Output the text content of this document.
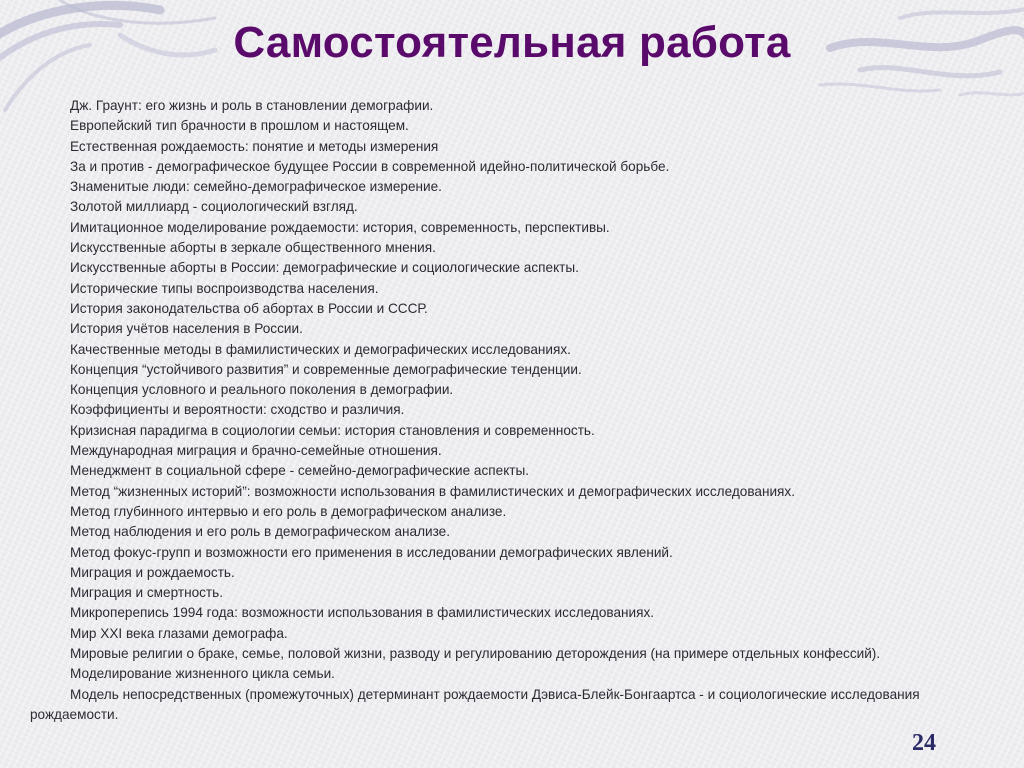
Самостоятельная работа
Дж. Граунт: его жизнь и роль в становлении демографии.
Европейский тип брачности в прошлом и настоящем.
Естественная рождаемость: понятие и методы измерения
За и против - демографическое будущее России в современной идейно-политической борьбе.
Знаменитые люди: семейно-демографическое измерение.
Золотой миллиард - социологический взгляд.
Имитационное моделирование рождаемости: история, современность, перспективы.
Искусственные аборты в зеркале общественного мнения.
Искусственные аборты в России: демографические и социологические аспекты.
Исторические типы воспроизводства населения.
История законодательства об абортах в России и СССР.
История учётов населения в России.
Качественные методы в фамилистических и демографических исследованиях.
Концепция “устойчивого развития” и современные демографические тенденции.
Концепция условного и реального поколения в демографии.
Коэффициенты и вероятности: сходство и различия.
Кризисная парадигма в социологии семьи: история становления и современность.
Международная миграция и брачно-семейные отношения.
Менеджмент в социальной сфере - семейно-демографические аспекты.
Метод “жизненных историй”: возможности использования в фамилистических и демографических исследованиях.
Метод глубинного интервью и его роль в демографическом анализе.
Метод наблюдения и его роль в демографическом анализе.
Метод фокус-групп и возможности его применения в исследовании демографических явлений.
Миграция и рождаемость.
Миграция и смертность.
Микроперепись 1994 года: возможности использования в фамилистических исследованиях.
Мир XXI века глазами демографа.
Мировые религии о браке, семье, половой жизни, разводу и регулированию деторождения (на примере отдельных конфессий).
Моделирование жизненного цикла семьи.
Модель непосредственных (промежуточных) детерминант рождаемости Дэвиса-Блейк-Бонгаартса - и социологические исследования рождаемости.
24
